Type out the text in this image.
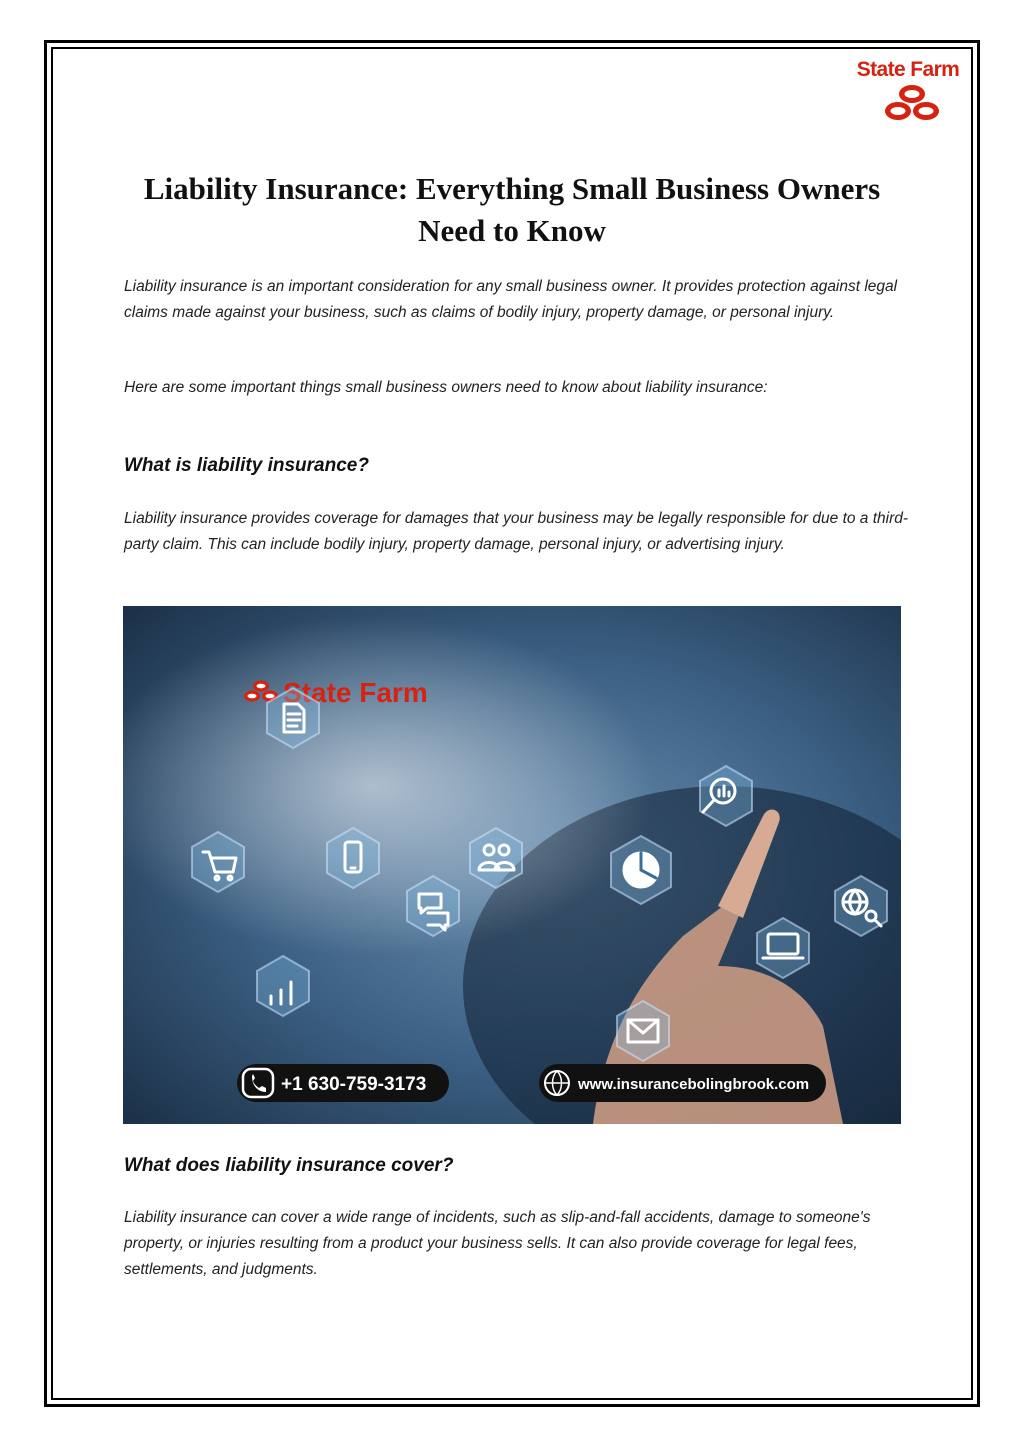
State Farm
Liability Insurance: Everything Small Business Owners Need to Know

Liability insurance is an important consideration for any small business owner. It provides protection against legal claims made against your business, such as claims of bodily injury, property damage, or personal injury.

Here are some important things small business owners need to know about liability insurance:

What is liability insurance?

Liability insurance provides coverage for damages that your business may be legally responsible for due to a third-party claim. This can include bodily injury, property damage, personal injury, or advertising injury.

State Farm
+1 630-759-3173	www.insurancebolingbrook.com
What does liability insurance cover?

Liability insurance can cover a wide range of incidents, such as slip-and-fall accidents, damage to someone's property, or injuries resulting from a product your business sells. It can also provide coverage for legal fees, settlements, and judgments.
